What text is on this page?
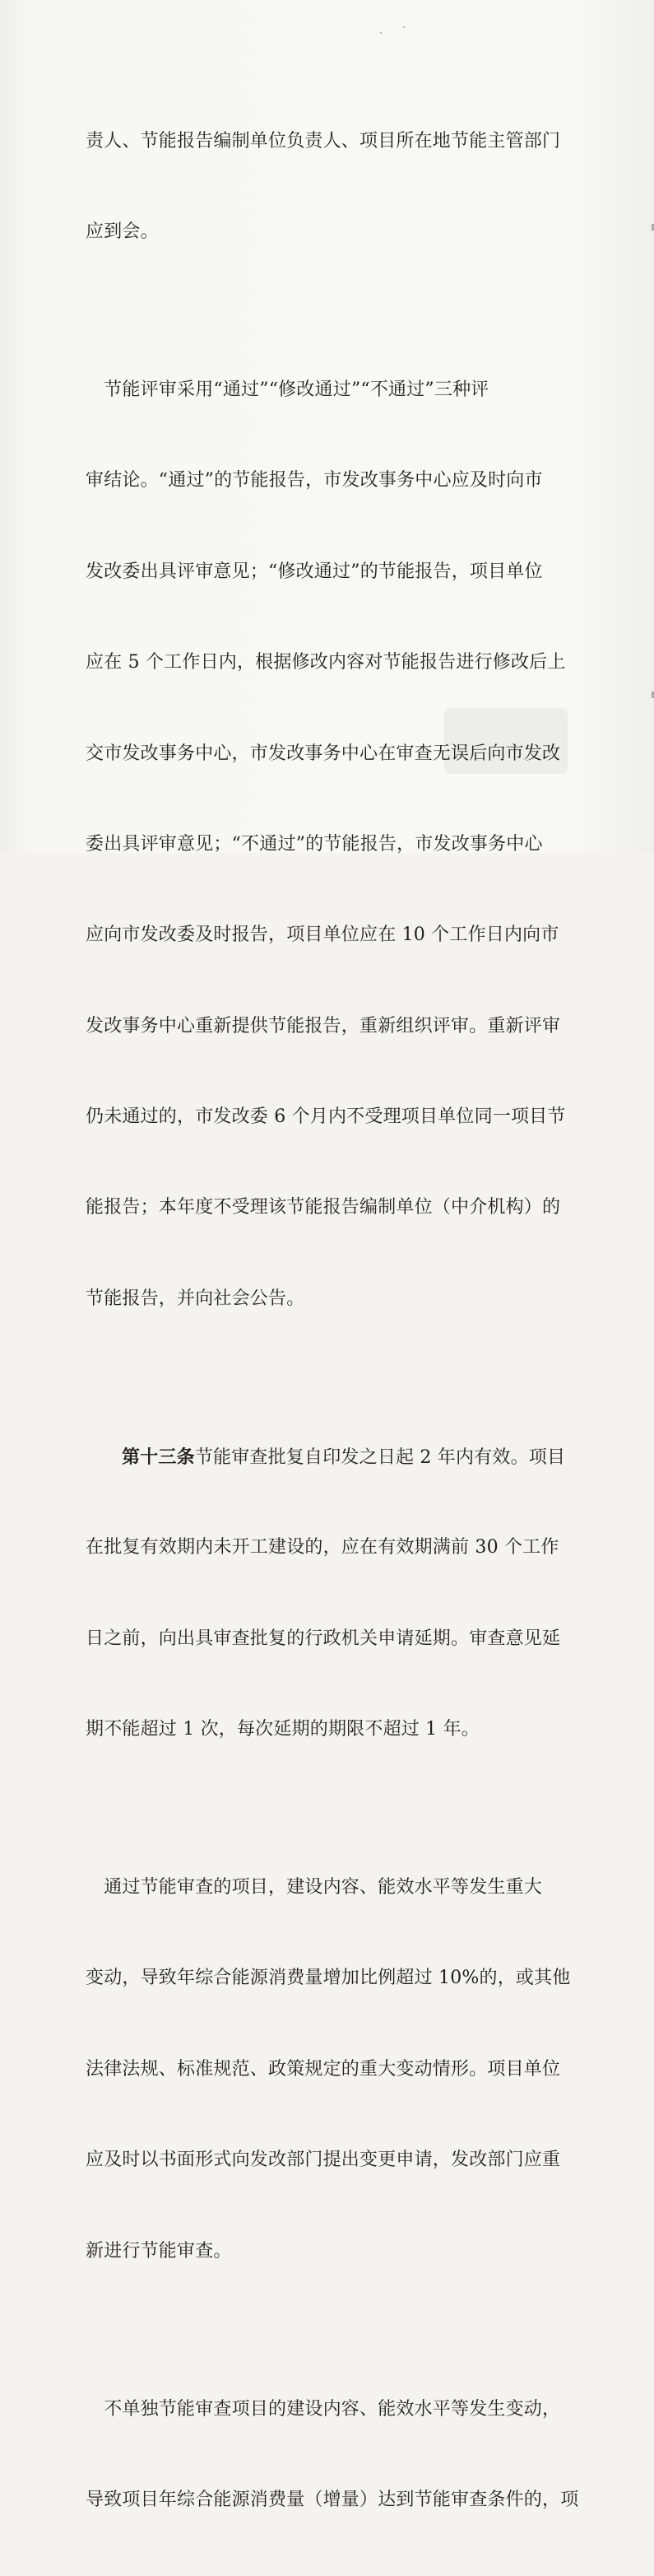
责人、节能报告编制单位负责人、项目所在地节能主管部门

应到会。

　节能评审采用“通过”“修改通过”“不通过”三种评

审结论。“通过”的节能报告，市发改事务中心应及时向市

发改委出具评审意见；“修改通过”的节能报告，项目单位

应在 5 个工作日内，根据修改内容对节能报告进行修改后上

交市发改事务中心，市发改事务中心在审查无误后向市发改

委出具评审意见；“不通过”的节能报告，市发改事务中心

应向市发改委及时报告，项目单位应在 10 个工作日内向市

发改事务中心重新提供节能报告，重新组织评审。重新评审

仍未通过的，市发改委 6 个月内不受理项目单位同一项目节

能报告；本年度不受理该节能报告编制单位（中介机构）的

节能报告，并向社会公告。

第十三条节能审查批复自印发之日起 2 年内有效。项目

在批复有效期内未开工建设的，应在有效期满前 30 个工作

日之前，向出具审查批复的行政机关申请延期。审查意见延

期不能超过 1 次，每次延期的期限不超过 1 年。

　通过节能审查的项目，建设内容、能效水平等发生重大

变动，导致年综合能源消费量增加比例超过 10%的，或其他

法律法规、标准规范、政策规定的重大变动情形。项目单位

应及时以书面形式向发改部门提出变更申请，发改部门应重

新进行节能审查。

　不单独节能审查项目的建设内容、能效水平等发生变动，

导致项目年综合能源消费量（增量）达到节能审查条件的，项
